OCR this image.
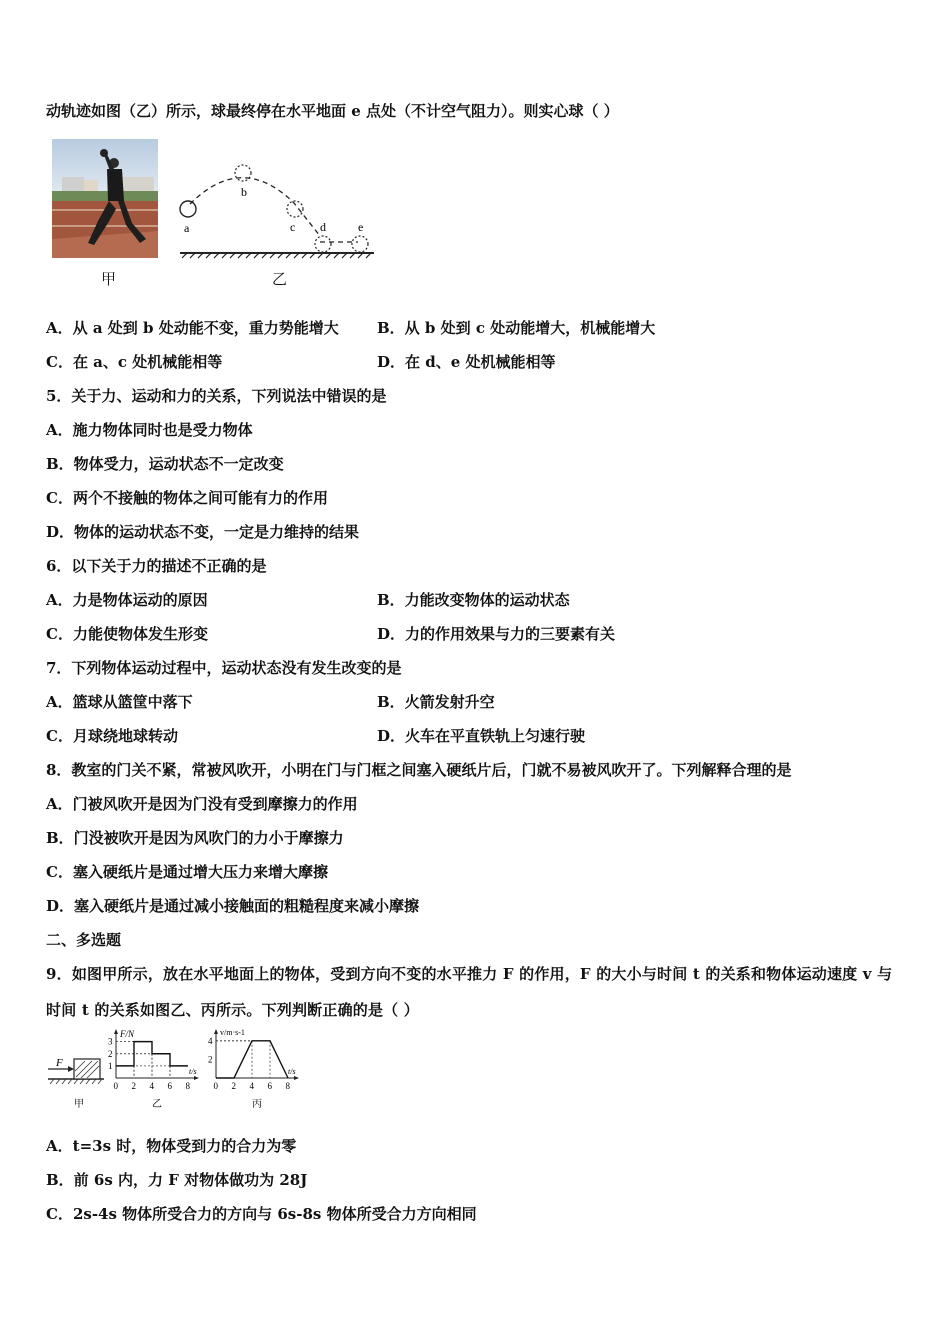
动轨迹如图（乙）所示，球最终停在水平地面 e 点处（不计空气阻力）。则实心球（ ）
甲
a
b
c d	e
乙
A．从 a 处到 b 处动能不变，重力势能增大	B．从 b 处到 c 处动能增大，机械能增大
C．在 a、c 处机械能相等	D．在 d、e 处机械能相等
5．关于力、运动和力的关系，下列说法中错误的是
A．施力物体同时也是受力物体
B．物体受力，运动状态不一定改变
C．两个不接触的物体之间可能有力的作用
D．物体的运动状态不变，一定是力维持的结果
6．以下关于力的描述不正确的是
A．力是物体运动的原因	B．力能改变物体的运动状态
C．力能使物体发生形变	D．力的作用效果与力的三要素有关
7．下列物体运动过程中，运动状态没有发生改变的是
A．篮球从篮筐中落下	B．火箭发射升空
C．月球绕地球转动	D．火车在平直铁轨上匀速行驶
8．教室的门关不紧，常被风吹开，小明在门与门框之间塞入硬纸片后，门就不易被风吹开了。下列解释合理的是
A．门被风吹开是因为门没有受到摩擦力的作用
B．门没被吹开是因为风吹门的力小于摩擦力
C．塞入硬纸片是通过增大压力来增大摩擦
D．塞入硬纸片是通过减小接触面的粗糙程度来减小摩擦
二、多选题
9．如图甲所示，放在水平地面上的物体，受到方向不变的水平推力 F 的作用，F 的大小与时间 t 的关系和物体运动速度 v 与时间 t 的关系如图乙、丙所示。下列判断正确的是（ ）
F
甲
F/N
t/s
1
2
3
0 2 4 6 8
乙
v/m·s-1
t/s
2
4
0 2 4 6 8
丙
A．t=3s 时，物体受到力的合力为零
B．前 6s 内，力 F 对物体做功为 28J
C．2s-4s 物体所受合力的方向与 6s-8s 物体所受合力方向相同
